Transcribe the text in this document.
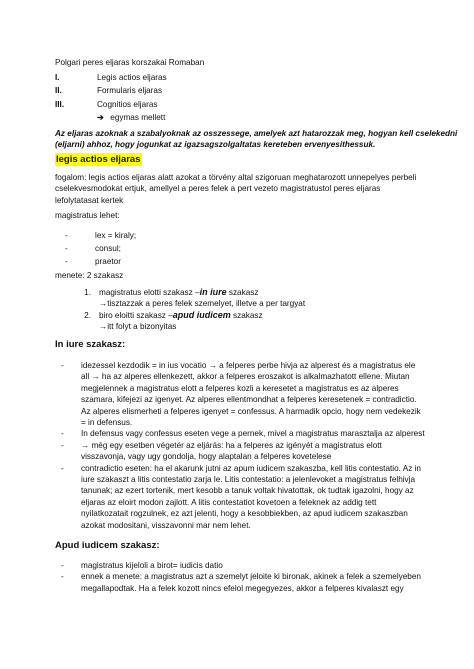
Polgari peres eljaras korszakai Romaban
I.	Legis actios eljaras
II.	Formularis eljaras
III.	Cognitios eljaras
➔ egymas mellett
Az eljaras azoknak a szabalyoknak az osszessege, amelyek azt hatarozzak meg, hogyan kell cselekedni
(eljarni) ahhoz, hogy jogunkat az igazsagszolgaltatas kereteben ervenyesithessuk.
legis actios eljaras
fogalom: legis actios eljaras alatt azokat a törvény altal szigoruan meghatarozott unnepelyes perbeli
cselekvesmodokat ertjuk, amellyel a peres felek a pert vezeto magistratustol peres eljaras
lefolytatasat kertek
magistratus lehet:
-	lex = kiraly;
-	consul;
-	praetor
menete: 2 szakasz
1. magistratus elotti szakasz –in iure szakasz
→tisztazzak a peres felek szemelyet, illetve a per targyat
2. biro eloitti szakasz –apud iudicem szakasz
→itt folyt a bizonyitas
In iure szakasz:
- idezessel kezdodik = in ius vocatio → a felperes perbe hivja az alperest és a magistratus ele
all → ha az alperes ellenkezett, akkor a felperes eroszakot is alkalmazhatott ellene. Miutan
megjelennek a magistratus elott a felperes kozli a keresetet a magistratus es az alperes
szamara, kifejezi az igenyet. Az alperes ellentmondhat a felperes keresetenek = contradictio.
Az alperes elismerheti a felperes igenyet = confessus. A harmadik opcio, hogy nem vedekezik
= in defensus.
- In defensus vagy confessus eseten vege a pernek, mivel a magistratus marasztalja az alperest
- → még egy esetben végetér az eljárás: ha a felperes az igényét a magistratus elott
visszavonja, vagy ugy gondolja, hogy alaptalan a felperes kovetelese
- contradictio eseten: ha el akarunk jutni az apum iudicem szakaszba, kell litis contestatio. Az in
iure szakaszt a litis contestatio zarja le. Litis contestatio: a jelenlevoket a magistratus felhivja
tanunak; az ezert tortenik, mert kesobb a tanuk voltak hivatottak, ok tudtak igazolni, hogy az
eljaras az eloirt modon zajlott. A litis contestatiot kovetoen a feleknek az addig tett
nyilatkozatait rogzulnek, ez azt jelenti, hogy a kesobbiekben, az apud iudicem szakaszban
azokat modositani, visszavonni mar nem lehet.
Apud iudicem szakasz:
- magistratus kijeloli a birot= iudicis datio
- ennek a menete: a magistratus azt a szemelyt jeloite ki bironak, akinek a felek a szemelyeben
megallapodtak. Ha a felek kozott nincs efelol megegyezes, akkor a felperes kivalaszt egy
